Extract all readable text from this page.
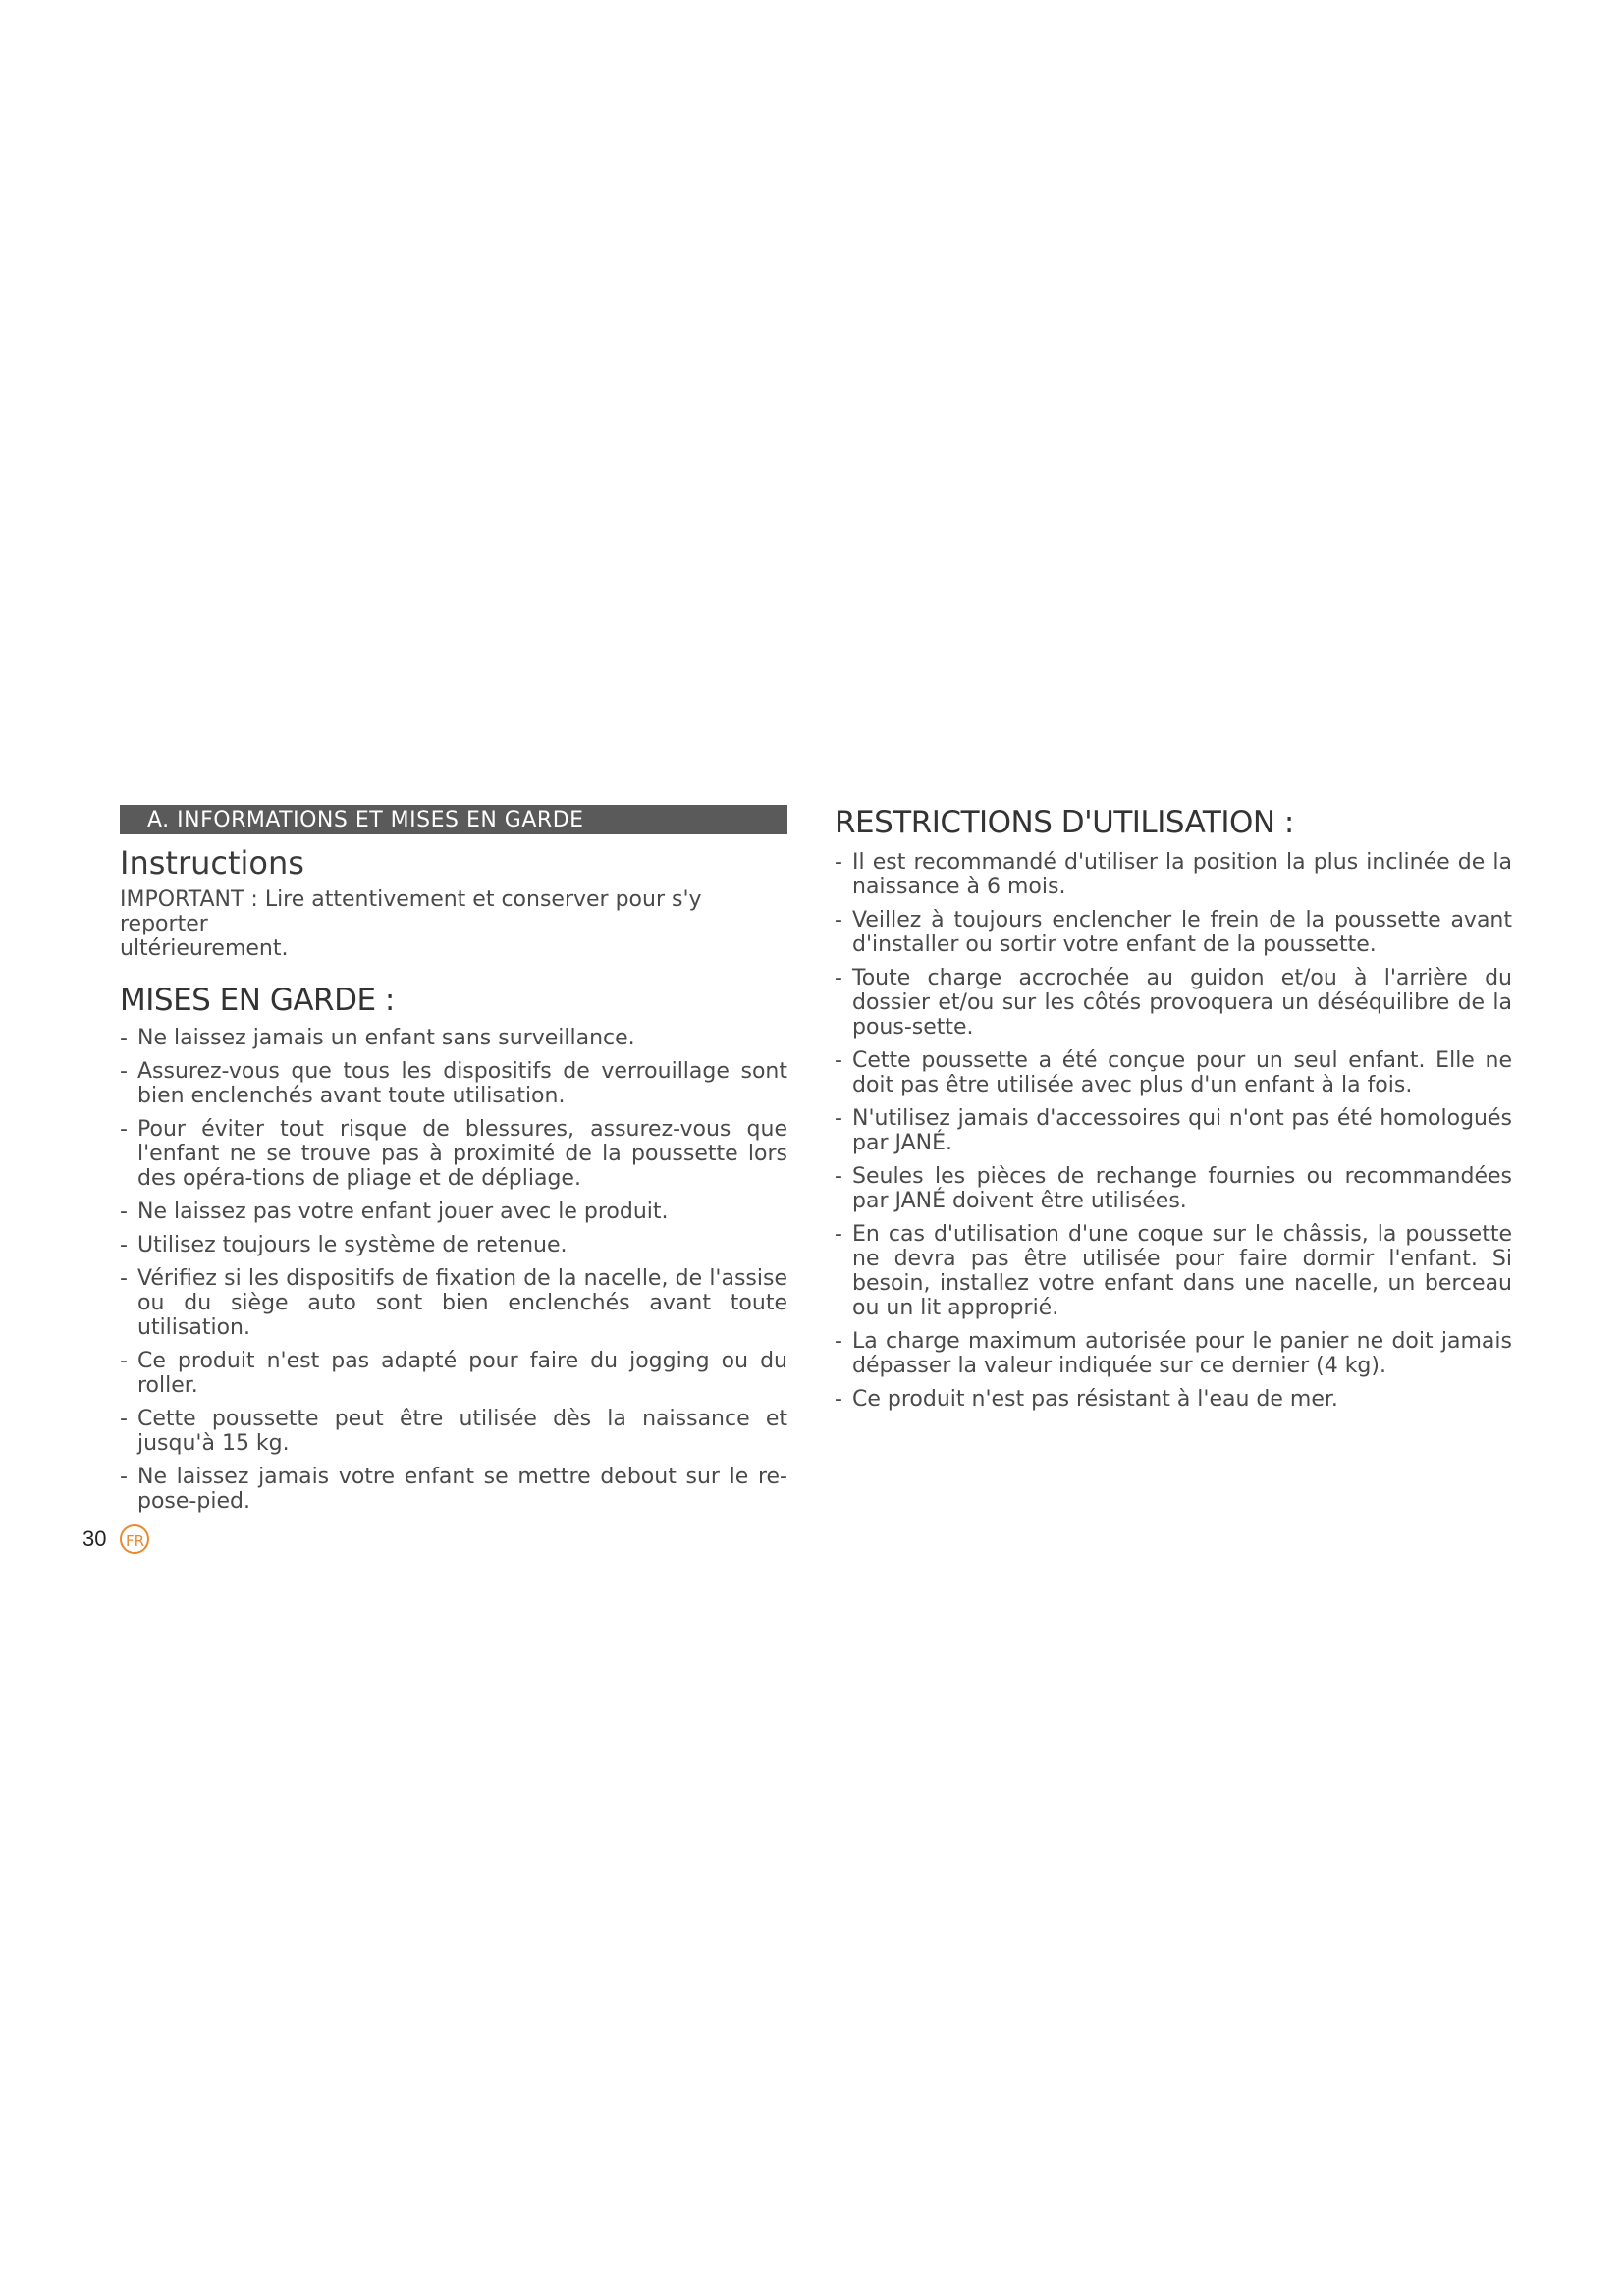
A. INFORMATIONS ET MISES EN GARDE
Instructions

IMPORTANT : Lire attentivement et conserver pour s'y reporter
ultérieurement.

MISES EN GARDE :
- Ne laissez jamais un enfant sans surveillance.
- Assurez-vous que tous les dispositifs de verrouillage sont bien enclenchés avant toute utilisation.
- Pour éviter tout risque de blessures, assurez-vous que l'enfant ne se trouve pas à proximité de la poussette lors des opéra-tions de pliage et de dépliage.
- Ne laissez pas votre enfant jouer avec le produit.
- Utilisez toujours le système de retenue.
- Vérifiez si les dispositifs de fixation de la nacelle, de l'assise ou du siège auto sont bien enclenchés avant toute utilisation.
- Ce produit n'est pas adapté pour faire du jogging ou du roller.
- Cette poussette peut être utilisée dès la naissance et jusqu'à 15 kg.
- Ne laissez jamais votre enfant se mettre debout sur le re-pose-pied.
RESTRICTIONS D'UTILISATION :
- Il est recommandé d'utiliser la position la plus inclinée de la naissance à 6 mois.
- Veillez à toujours enclencher le frein de la poussette avant d'installer ou sortir votre enfant de la poussette.
- Toute charge accrochée au guidon et/ou à l'arrière du dossier et/ou sur les côtés provoquera un déséquilibre de la pous-sette.
- Cette poussette a été conçue pour un seul enfant. Elle ne doit pas être utilisée avec plus d'un enfant à la fois.
- N'utilisez jamais d'accessoires qui n'ont pas été homologués par JANÉ.
- Seules les pièces de rechange fournies ou recommandées par JANÉ doivent être utilisées.
- En cas d'utilisation d'une coque sur le châssis, la poussette ne devra pas être utilisée pour faire dormir l'enfant. Si besoin, installez votre enfant dans une nacelle, un berceau ou un lit approprié.
- La charge maximum autorisée pour le panier ne doit jamais dépasser la valeur indiquée sur ce dernier (4 kg).
- Ce produit n'est pas résistant à l'eau de mer.
30	FR
